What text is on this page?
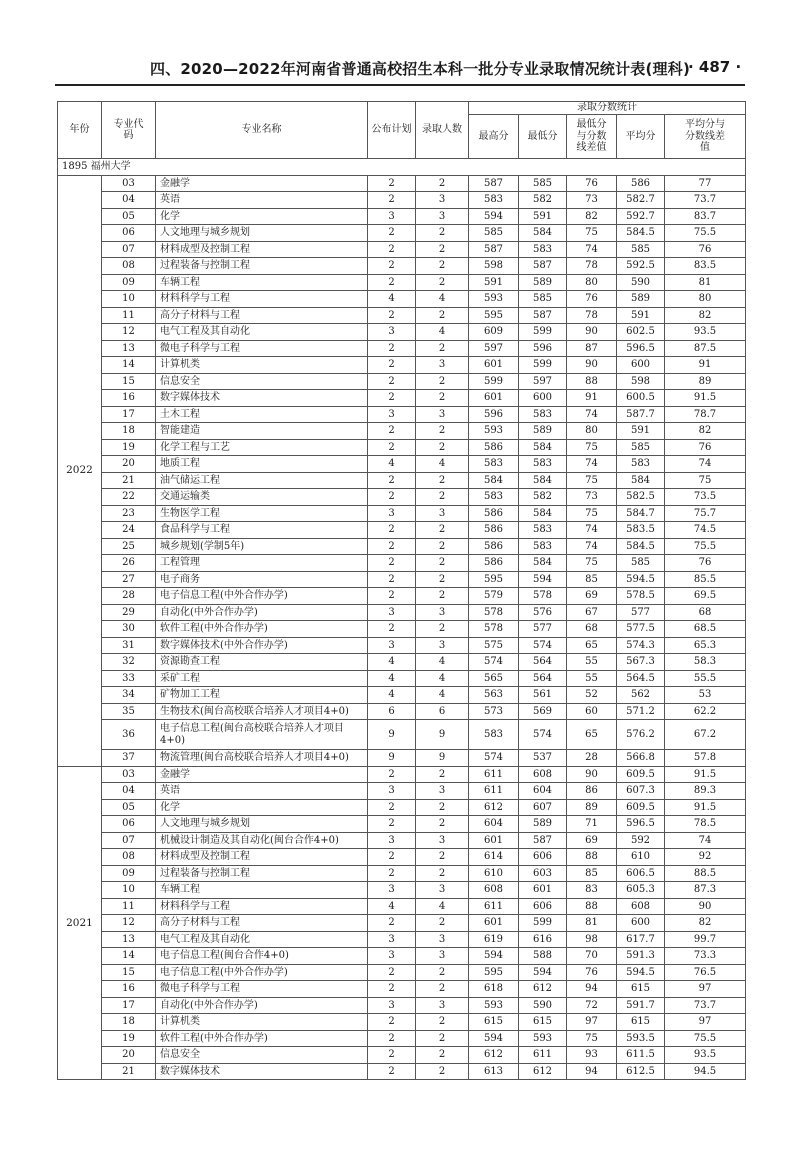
四、2020—2022年河南省普通高校招生本科一批分专业录取情况统计表(理科)
· 487 ·
年份	专业代码	专业名称	公布计划	录取人数	录取分数统计				
					最高分	最低分	最低分与分数线差值	平均分	平均分与分数线差值
1895 福州大学									
2022	03	金融学	2	2	587	585	76	586	77
	04	英语	2	3	583	582	73	582.7	73.7
	05	化学	3	3	594	591	82	592.7	83.7
	06	人文地理与城乡规划	2	2	585	584	75	584.5	75.5
	07	材料成型及控制工程	2	2	587	583	74	585	76
	08	过程装备与控制工程	2	2	598	587	78	592.5	83.5
	09	车辆工程	2	2	591	589	80	590	81
	10	材料科学与工程	4	4	593	585	76	589	80
	11	高分子材料与工程	2	2	595	587	78	591	82
	12	电气工程及其自动化	3	4	609	599	90	602.5	93.5
	13	微电子科学与工程	2	2	597	596	87	596.5	87.5
	14	计算机类	2	3	601	599	90	600	91
	15	信息安全	2	2	599	597	88	598	89
	16	数字媒体技术	2	2	601	600	91	600.5	91.5
	17	土木工程	3	3	596	583	74	587.7	78.7
	18	智能建造	2	2	593	589	80	591	82
	19	化学工程与工艺	2	2	586	584	75	585	76
	20	地质工程	4	4	583	583	74	583	74
	21	油气储运工程	2	2	584	584	75	584	75
	22	交通运输类	2	2	583	582	73	582.5	73.5
	23	生物医学工程	3	3	586	584	75	584.7	75.7
	24	食品科学与工程	2	2	586	583	74	583.5	74.5
	25	城乡规划(学制5年)	2	2	586	583	74	584.5	75.5
	26	工程管理	2	2	586	584	75	585	76
	27	电子商务	2	2	595	594	85	594.5	85.5
	28	电子信息工程(中外合作办学)	2	2	579	578	69	578.5	69.5
	29	自动化(中外合作办学)	3	3	578	576	67	577	68
	30	软件工程(中外合作办学)	2	2	578	577	68	577.5	68.5
	31	数字媒体技术(中外合作办学)	3	3	575	574	65	574.3	65.3
	32	资源勘查工程	4	4	574	564	55	567.3	58.3
	33	采矿工程	4	4	565	564	55	564.5	55.5
	34	矿物加工工程	4	4	563	561	52	562	53
	35	生物技术(闽台高校联合培养人才项目4+0)	6	6	573	569	60	571.2	62.2
	36	电子信息工程(闽台高校联合培养人才项目4+0)	9	9	583	574	65	576.2	67.2
	37	物流管理(闽台高校联合培养人才项目4+0)	9	9	574	537	28	566.8	57.8
2021	03	金融学	2	2	611	608	90	609.5	91.5
	04	英语	3	3	611	604	86	607.3	89.3
	05	化学	2	2	612	607	89	609.5	91.5
	06	人文地理与城乡规划	2	2	604	589	71	596.5	78.5
	07	机械设计制造及其自动化(闽台合作4+0)	3	3	601	587	69	592	74
	08	材料成型及控制工程	2	2	614	606	88	610	92
	09	过程装备与控制工程	2	2	610	603	85	606.5	88.5
	10	车辆工程	3	3	608	601	83	605.3	87.3
	11	材料科学与工程	4	4	611	606	88	608	90
	12	高分子材料与工程	2	2	601	599	81	600	82
	13	电气工程及其自动化	3	3	619	616	98	617.7	99.7
	14	电子信息工程(闽台合作4+0)	3	3	594	588	70	591.3	73.3
	15	电子信息工程(中外合作办学)	2	2	595	594	76	594.5	76.5
	16	微电子科学与工程	2	2	618	612	94	615	97
	17	自动化(中外合作办学)	3	3	593	590	72	591.7	73.7
	18	计算机类	2	2	615	615	97	615	97
	19	软件工程(中外合作办学)	2	2	594	593	75	593.5	75.5
	20	信息安全	2	2	612	611	93	611.5	93.5
	21	数字媒体技术	2	2	613	612	94	612.5	94.5
